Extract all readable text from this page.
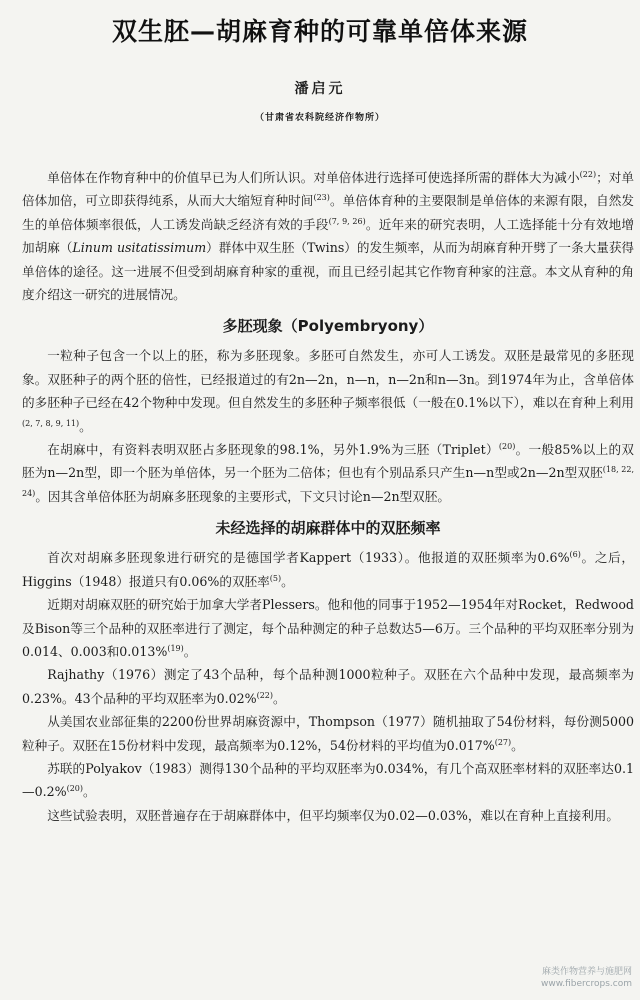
双生胚—胡麻育种的可靠单倍体来源
潘启元
（甘肃省农科院经济作物所）

单倍体在作物育种中的价值早已为人们所认识。对单倍体进行选择可使选择所需的群体大为减小$^{(22)}$；对单倍体加倍，可立即获得纯系，从而大大缩短育种时间$^{(23)}$。单倍体育种的主要限制是单倍体的来源有限，自然发生的单倍体频率很低，人工诱发尚缺乏经济有效的手段$^{(7, 9, 26)}$。近年来的研究表明，人工选择能十分有效地增加胡麻（Linum usitatissimum）群体中双生胚（Twins）的发生频率，从而为胡麻育种开劈了一条大量获得单倍体的途径。这一进展不但受到胡麻育种家的重视，而且已经引起其它作物育种家的注意。本文从育种的角度介绍这一研究的进展情况。

多胚现象（Polyembryony）

一粒种子包含一个以上的胚，称为多胚现象。多胚可自然发生，亦可人工诱发。双胚是最常见的多胚现象。双胚种子的两个胚的倍性，已经报道过的有2n—2n，n—n，n—2n和n—3n。到1974年为止，含单倍体的多胚种子已经在42个物种中发现。但自然发生的多胚种子频率很低（一般在0.1%以下），难以在育种上利用$^{(2, 7, 8, 9, 11)}$。

在胡麻中，有资料表明双胚占多胚现象的98.1%，另外1.9%为三胚（Triplet）$^{(20)}$。一般85%以上的双胚为n—2n型，即一个胚为单倍体，另一个胚为二倍体；但也有个别品系只产生n—n型或2n—2n型双胚$^{(18, 22, 24)}$。因其含单倍体胚为胡麻多胚现象的主要形式，下文只讨论n—2n型双胚。

未经选择的胡麻群体中的双胚频率

首次对胡麻多胚现象进行研究的是德国学者Kappert（1933）。他报道的双胚频率为0.6%$^{(6)}$。之后，Higgins（1948）报道只有0.06%的双胚率$^{(5)}$。

近期对胡麻双胚的研究始于加拿大学者Plessers。他和他的同事于1952—1954年对Rocket，Redwood及Bison等三个品种的双胚率进行了测定，每个品种测定的种子总数达5—6万。三个品种的平均双胚率分别为0.014、0.003和0.013%$^{(19)}$。

Rajhathy（1976）测定了43个品种，每个品种测1000粒种子。双胚在六个品种中发现，最高频率为0.23%。43个品种的平均双胚率为0.02%$^{(22)}$。

从美国农业部征集的2200份世界胡麻资源中，Thompson（1977）随机抽取了54份材料，每份测5000粒种子。双胚在15份材料中发现，最高频率为0.12%，54份材料的平均值为0.017%$^{(27)}$。

苏联的Polyakov（1983）测得130个品种的平均双胚率为0.034%，有几个高双胚率材料的双胚率达0.1—0.2%$^{(20)}$。

这些试验表明，双胚普遍存在于胡麻群体中，但平均频率仅为0.02—0.03%，难以在育种上直接利用。

麻类作物营养与施肥网
www.fibercrops.com
